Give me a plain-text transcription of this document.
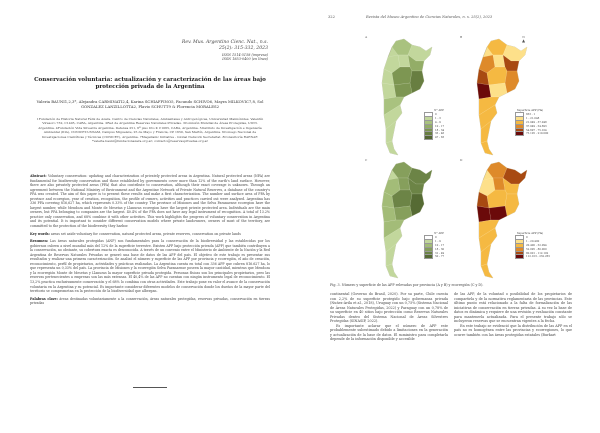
Rev. Mus. Argentino Cienc. Nat., n.s.
25(2): 315-332, 2023
ISSN 1514-5158 (impresa)
ISSN 1853-0400 (en línea)
Conservación voluntaria: actualización y caracterización de las áreas bajo protección privada de la Argentina
Valeria BAUNI1,2,3*, Alejandra CARMINATI2,4, Karina SCHIAFFINO5, Facundo SCHIVO6, Mayra MILKOVIC7,8, Sol GONZALEZ LANZILLOTTA2, Flavio SCHUTT9 & Florencia MORALES2
1Fundación de Historia Natural Félix de Azara. Centro de Ciencias Naturales, Ambientales y Antropológicas, Universidad Maimónides. Valentín Virasoro 732, C1405, CABA, Argentina. 2Red de Argentina Reservas Naturales Privadas. 3Comisión Mundial de Áreas Protegidas, UICN. Argentina. 4Fundación Vida Silvestre Argentina. Defensa 251, 6º piso Dto K C1065, CABA, Argentina. 5Instituto de Investigación e Ingeniería Ambiental (IIIA), CONICET-UNSAM, Campus Miguelete, 25 de Mayo y Francia, CP 1650, San Martín, Argentina. 6Consejo Nacional de Investigaciones Científicas y Técnicas (CONICET), Argentina. 7Magellanic Initiative - Global Network Secretariat. 8Consultoría RAENAF. *valeria.bauni@fundacionazara.org.ar; contacto@reservasprivadas.org.ar
Abstract: Voluntary conservation: updating and characterization of privately protected areas in Argentina. Natural protected areas (NPA) are fundamental for biodiversity conservation and those established by governments cover more than 12% of the earth's land surface. However, there are also privately protected areas (PPA) that also contribute to conservation, although their exact coverage is unknown. Through an agreement between the National Ministry of Environment and the Argentine Network of Private Natural Reserves, a database of the country's PPA was created. The aim of this paper is to present these results and make a first characterization. The number and surface area of PPA by province and ecoregion, year of creation, recognition, the profile of owners, activities and practices carried out were analyzed. Argentina has 336 PPA covering 816,627 ha, which represents 0.33% of the country. The province of Misiones and the Selva Paranaense ecoregion have the largest number, while Mendoza and Monte de Mesetas y Llanuras ecoregion have the largest private protected area. Individuals are the main owners, but PPA belonging to companies are the largest. 40.4% of the PPA does not have any legal instrument of recognition. A total of 13.2% practice only conservation, and 68% combine it with other activities. This work highlights the progress of voluntary conservation in Argentina and its potential. It is important to consider different conservation models where private landowners, owners of most of the territory, are committed to the protection of the biodiversity they harbor.
Key words: areas set aside voluntary for conservation, natural protected areas, private reserves, conservation on private lands
Resumen: Las áreas naturales protegidas (ANP) son fundamentales para la conservación de la biodiversidad y las establecidas por los gobiernos cubren a nivel mundial más del 12% de la superficie terrestre. Existen APP bajo protección privada (APP) que también contribuyen a la conservación, no obstante, su cobertura exacta es desconocida. A través de un convenio entre el Ministerio de Ambiente de la Nación y la Red Argentina de Reservas Naturales Privadas se generó una base de datos de las APP del país. El objetivo de este trabajo es presentar sus resultados y realizar una primera caracterización. Se analizó el número y superficie de las APP por provincia y ecorregión, el año de creación, reconocimiento, perfil de propietarios, actividades y prácticas realizadas. La Argentina cuenta en total con 336 APP que cubren 816.627 ha, lo que representa un 0,33% del país. La provincia de Misiones y la ecorregión Selva Paranaense poseen la mayor cantidad, mientras que Mendoza y la ecorregión Monte de Mesetas y Llanuras la mayor superficie privada protegida. Personas físicas son los principales propietarios, pero las reservas pertenecientes a empresas son las más extensas. El 40,4% de las APP no cuentan con ningún instrumento legal de reconocimiento. El 13,2% practica exclusivamente conservación y el 68% lo combina con otras actividades. Este trabajo pone en valor el avance de la conservación voluntaria en la Argentina y su potencial. Es importante considerar diferentes modelos de conservación donde los dueños de la mayor parte del territorio se comprometan en la protección de la biodiversidad que albergan.
Palabras clave: áreas destinadas voluntariamente a la conservación, áreas naturales protegidas, reservas privadas, conservación en tierras privadas
322	Revista del Museo Argentino de Ciencias Naturales, n. s. 25(2), 2023
A
N° APP
0
1 - 3
4 - 9
10 - 17
18 - 34
35 - 46
47 - 83
B
Superficie APP (Ha)
833 - 1
1 - 21.048
21.049 - 37.048
37.049 - 54.693
54.697 - 75.104
75.105 - 210.000
C
N° APP
0
1 - 9
10 - 17
18 - 30
31 - 49
50 - 77
D
Superficie APP (Ha)
0
1 - 20.400
20.400 - 52.094
52.095 - 80.000
80.001 - 112.102
112.103 - 232.265
N
▲
Fig. 3. Número y superficie de las APP relevadas por provincia (A y B) y ecorregión (C y D).

continental (Governo do Brasil, 2020). Por su parte, Chile cuenta con 2,2% de su superficie protegido bajo gobernanza privada (Nuñez-Ávila et al., 2018), Uruguay con un 0,75% (Sistema Nacional de Áreas Naturales Protegidas, 2022) y Paraguay con un 0,78% de su superficie en 40 sitios bajo protección como Reservas Naturales Privadas dentro del Sistema Nacional de Áreas Silvestres Protegidas (SINASIP, 2022).

Es importante aclarar que el número de APP este probablemente subestimado debido a limitaciones en la generación y actualización de la base de datos. El suministro para completarla depende de la información disponible y accesible

de las APP, de la voluntad o posibilidad de los propietarios de compartirla y de la normativa reglamentaria de las provincias. Este último punto está relacionado a la falta de formalización de las iniciativas de conservación en tierras privadas. A su vez la base de datos es dinámica y requiere de una revisión y evaluación constante para mantenerla actualizada. Para el presente trabajo sólo se incluyeron reservas que se encuentran vigentes a la fecha.

En este trabajo se evidenció que la distribución de las APP en el país no es homogénea entre las provincias y ecorregiones, lo que ocurre también con las áreas protegidas estatales (Burkart
